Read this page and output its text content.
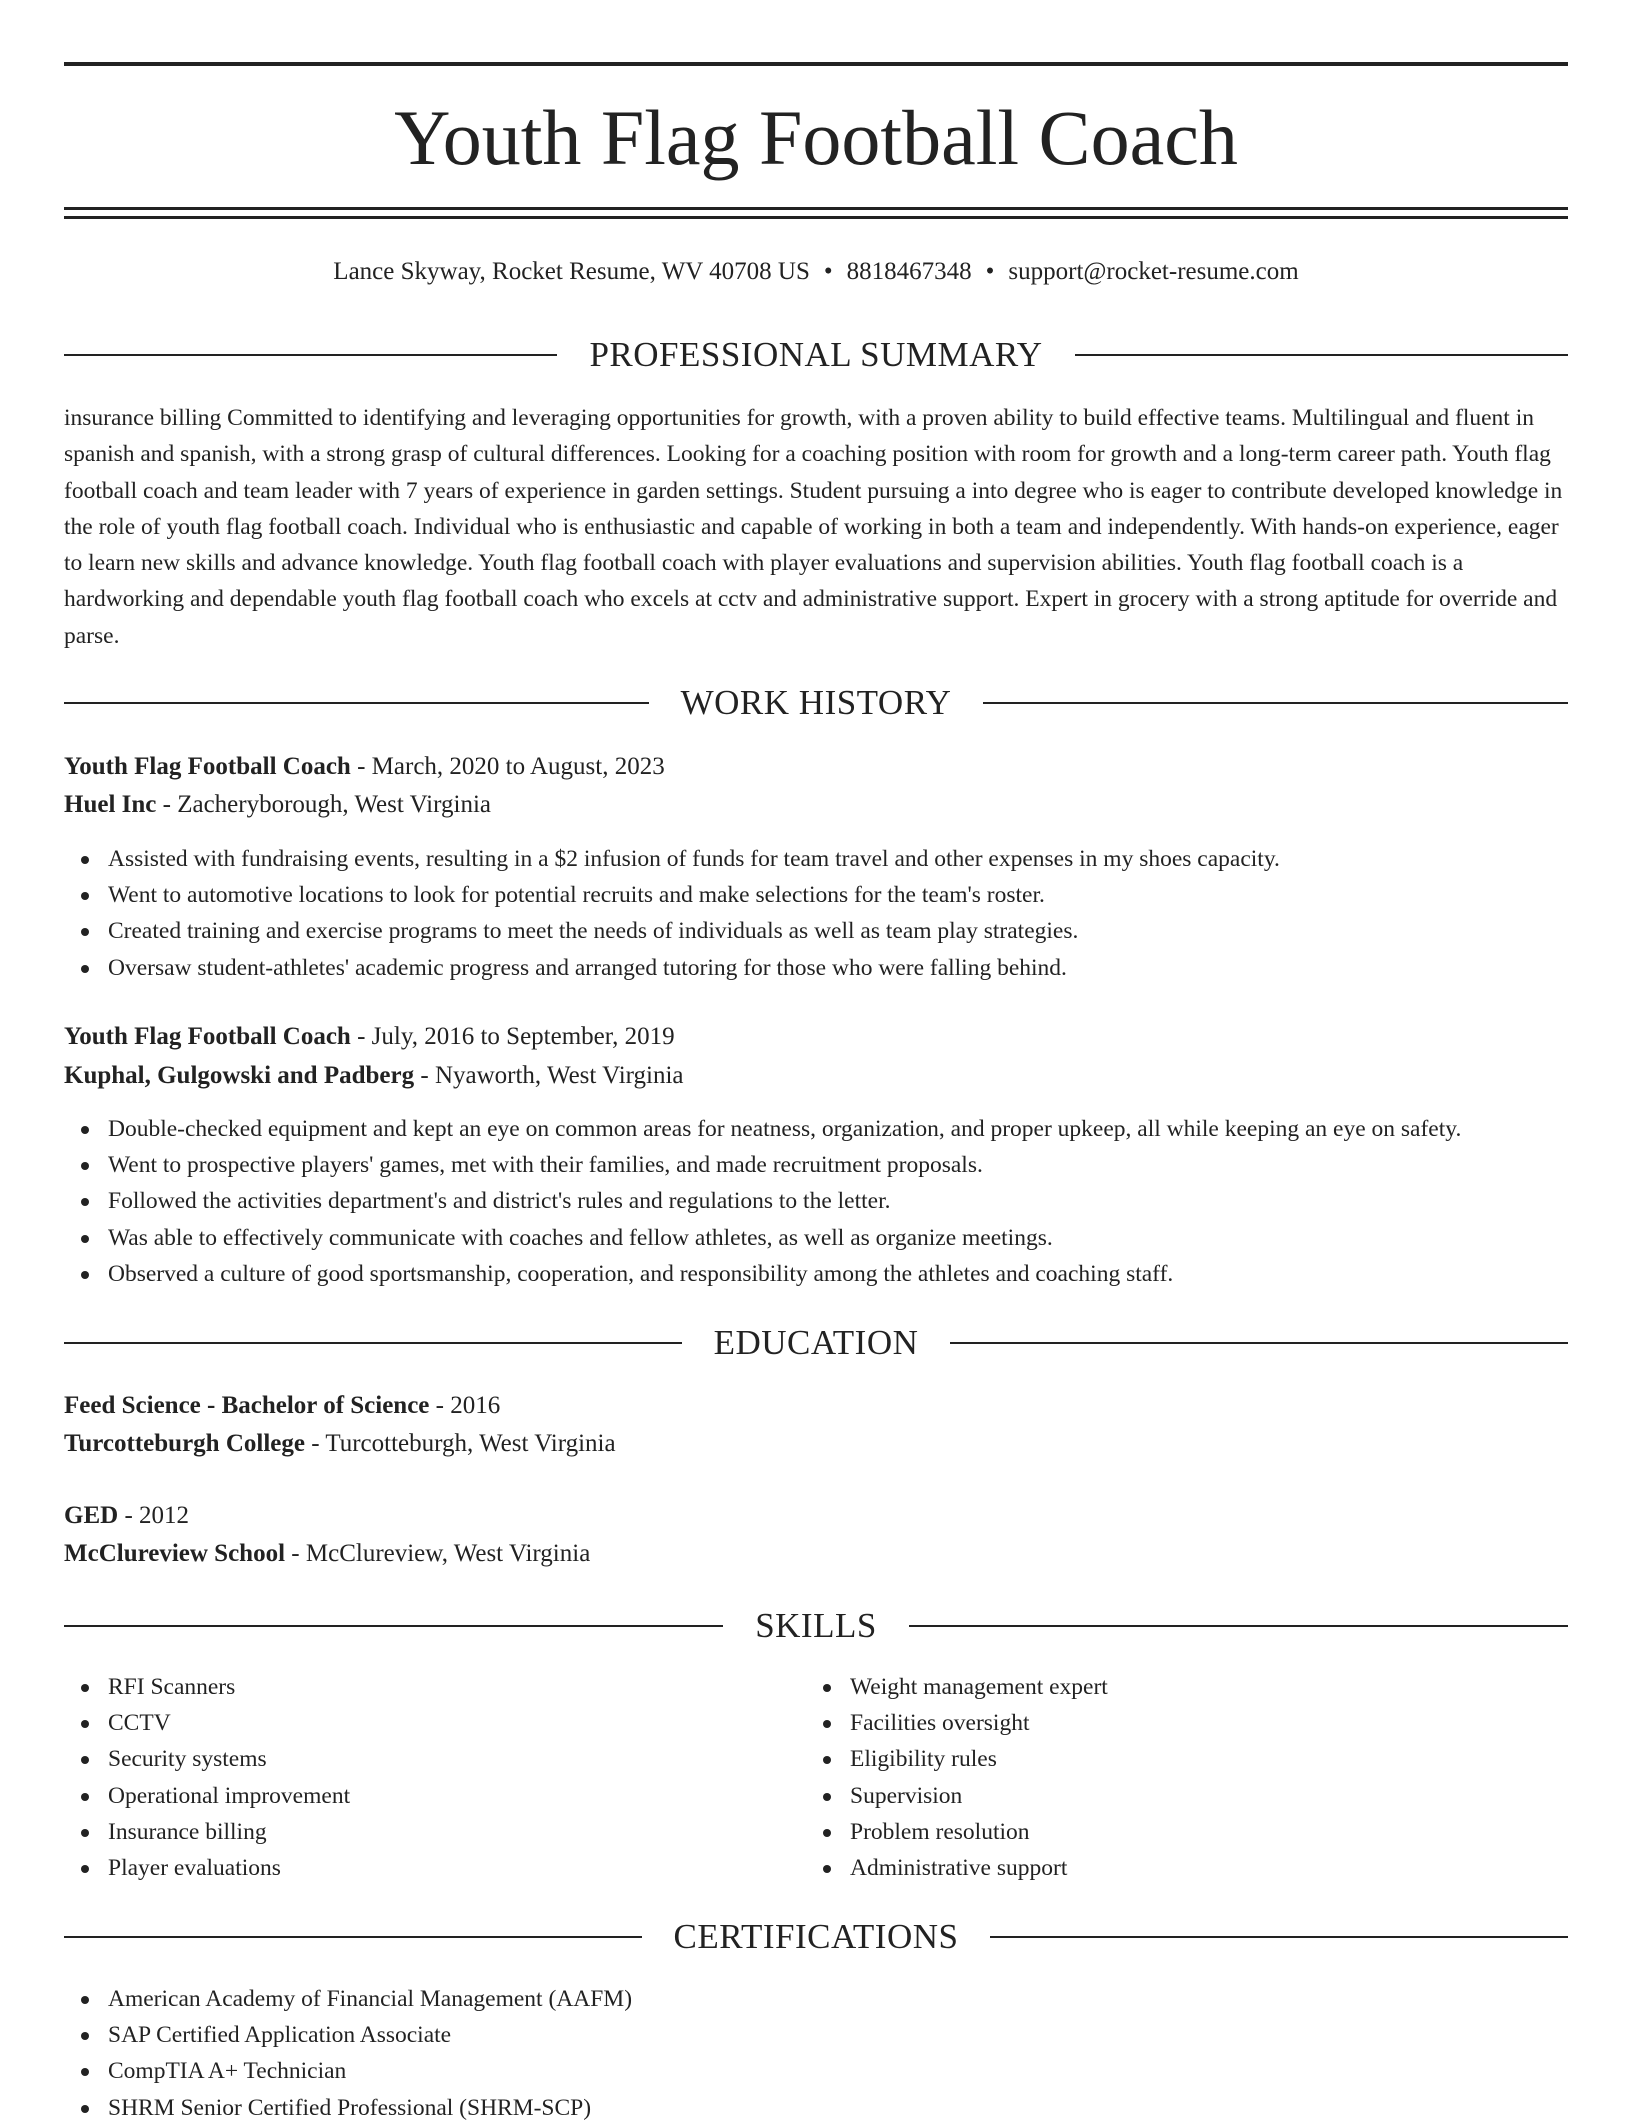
Youth Flag Football Coach
Lance Skyway, Rocket Resume, WV 40708 US • 8818467348 • support@rocket-resume.com
PROFESSIONAL SUMMARY

insurance billing Committed to identifying and leveraging opportunities for growth, with a proven ability to build effective teams. Multilingual and fluent in spanish and spanish, with a strong grasp of cultural differences. Looking for a coaching position with room for growth and a long-term career path. Youth flag football coach and team leader with 7 years of experience in garden settings. Student pursuing a into degree who is eager to contribute developed knowledge in the role of youth flag football coach. Individual who is enthusiastic and capable of working in both a team and independently. With hands-on experience, eager to learn new skills and advance knowledge. Youth flag football coach with player evaluations and supervision abilities. Youth flag football coach is a hardworking and dependable youth flag football coach who excels at cctv and administrative support. Expert in grocery with a strong aptitude for override and parse.

WORK HISTORY
Youth Flag Football Coach - March, 2020 to August, 2023
Huel Inc - Zacheryborough, West Virginia
Assisted with fundraising events, resulting in a $2 infusion of funds for team travel and other expenses in my shoes capacity.
Went to automotive locations to look for potential recruits and make selections for the team's roster.
Created training and exercise programs to meet the needs of individuals as well as team play strategies.
Oversaw student-athletes' academic progress and arranged tutoring for those who were falling behind.
Youth Flag Football Coach - July, 2016 to September, 2019
Kuphal, Gulgowski and Padberg - Nyaworth, West Virginia
Double-checked equipment and kept an eye on common areas for neatness, organization, and proper upkeep, all while keeping an eye on safety.
Went to prospective players' games, met with their families, and made recruitment proposals.
Followed the activities department's and district's rules and regulations to the letter.
Was able to effectively communicate with coaches and fellow athletes, as well as organize meetings.
Observed a culture of good sportsmanship, cooperation, and responsibility among the athletes and coaching staff.
EDUCATION
Feed Science - Bachelor of Science - 2016
Turcotteburgh College - Turcotteburgh, West Virginia
GED - 2012
McClureview School - McClureview, West Virginia
SKILLS
RFI Scanners
CCTV
Security systems
Operational improvement
Insurance billing
Player evaluations
Weight management expert
Facilities oversight
Eligibility rules
Supervision
Problem resolution
Administrative support
CERTIFICATIONS
American Academy of Financial Management (AAFM)
SAP Certified Application Associate
CompTIA A+ Technician
SHRM Senior Certified Professional (SHRM-SCP)
